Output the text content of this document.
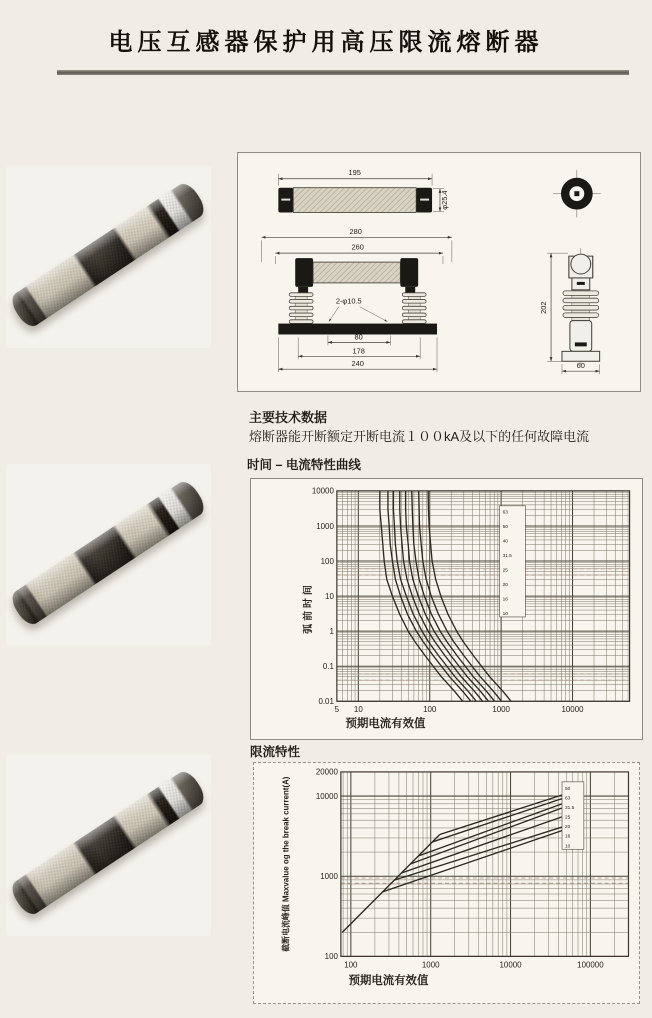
电压互感器保护用高压限流熔断器
195
φ25.4
280
260
2-φ10.5
80
178
240
202
60
主要技术数据
熔断器能开断额定开断电流１００kA及以下的任何故障电流
时间 – 电流特性曲线
5 10	100	1000	10000
10000
1000
100
10
1
0.1
0.01
预期电流有效值
弧前时间
63
50
40
31.5
25
20
16
10
限流特性
100	1000	10000	100000
20000
10000
1000
100
预期电流有效值
截断电流峰值 Maxvalue og the break current(A)	50
63
31.5
25
20
16
10
